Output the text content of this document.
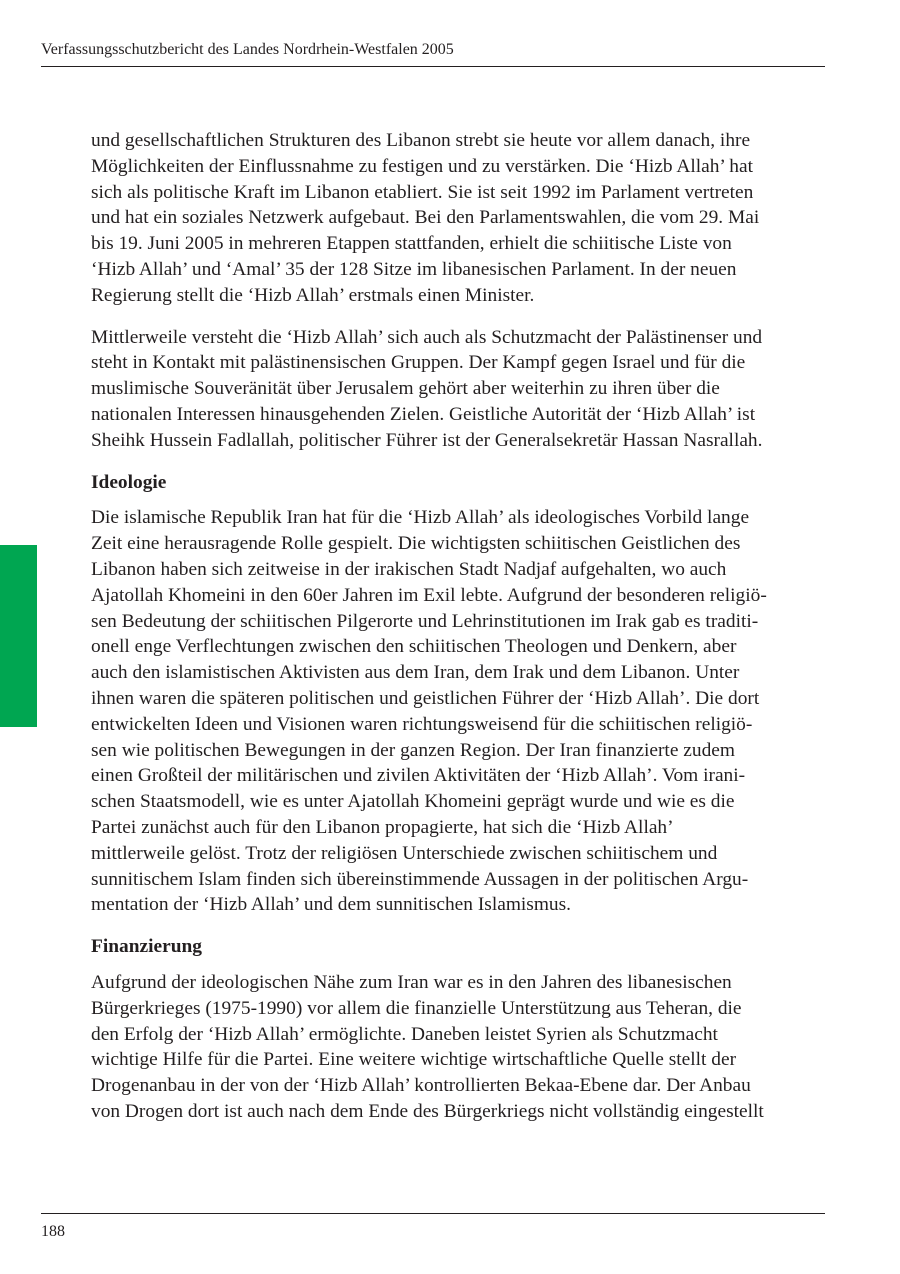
Verfassungsschutzbericht des Landes Nordrhein-Westfalen 2005

und gesellschaftlichen Strukturen des Libanon strebt sie heute vor allem danach, ihre
Möglichkeiten der Einflussnahme zu festigen und zu verstärken. Die ‘Hizb Allah’ hat
sich als politische Kraft im Libanon etabliert. Sie ist seit 1992 im Parlament vertreten
und hat ein soziales Netzwerk aufgebaut. Bei den Parlamentswahlen, die vom 29. Mai
bis 19. Juni 2005 in mehreren Etappen stattfanden, erhielt die schiitische Liste von
‘Hizb Allah’ und ‘Amal’ 35 der 128 Sitze im libanesischen Parlament. In der neuen
Regierung stellt die ‘Hizb Allah’ erstmals einen Minister.

Mittlerweile versteht die ‘Hizb Allah’ sich auch als Schutzmacht der Palästinenser und
steht in Kontakt mit palästinensischen Gruppen. Der Kampf gegen Israel und für die
muslimische Souveränität über Jerusalem gehört aber weiterhin zu ihren über die
nationalen Interessen hinausgehenden Zielen. Geistliche Autorität der ‘Hizb Allah’ ist
Sheihk Hussein Fadlallah, politischer Führer ist der Generalsekretär Hassan Nasrallah.

Ideologie

Die islamische Republik Iran hat für die ‘Hizb Allah’ als ideologisches Vorbild lange
Zeit eine herausragende Rolle gespielt. Die wichtigsten schiitischen Geistlichen des
Libanon haben sich zeitweise in der irakischen Stadt Nadjaf aufgehalten, wo auch
Ajatollah Khomeini in den 60er Jahren im Exil lebte. Aufgrund der besonderen religiö-
sen Bedeutung der schiitischen Pilgerorte und Lehrinstitutionen im Irak gab es traditi-
onell enge Verflechtungen zwischen den schiitischen Theologen und Denkern, aber
auch den islamistischen Aktivisten aus dem Iran, dem Irak und dem Libanon. Unter
ihnen waren die späteren politischen und geistlichen Führer der ‘Hizb Allah’. Die dort
entwickelten Ideen und Visionen waren richtungsweisend für die schiitischen religiö-
sen wie politischen Bewegungen in der ganzen Region. Der Iran finanzierte zudem
einen Großteil der militärischen und zivilen Aktivitäten der ‘Hizb Allah’. Vom irani-
schen Staatsmodell, wie es unter Ajatollah Khomeini geprägt wurde und wie es die
Partei zunächst auch für den Libanon propagierte, hat sich die ‘Hizb Allah’
mittlerweile gelöst. Trotz der religiösen Unterschiede zwischen schiitischem und
sunnitischem Islam finden sich übereinstimmende Aussagen in der politischen Argu-
mentation der ‘Hizb Allah’ und dem sunnitischen Islamismus.

Finanzierung

Aufgrund der ideologischen Nähe zum Iran war es in den Jahren des libanesischen
Bürgerkrieges (1975-1990) vor allem die finanzielle Unterstützung aus Teheran, die
den Erfolg der ‘Hizb Allah’ ermöglichte. Daneben leistet Syrien als Schutzmacht
wichtige Hilfe für die Partei. Eine weitere wichtige wirtschaftliche Quelle stellt der
Drogenanbau in der von der ‘Hizb Allah’ kontrollierten Bekaa-Ebene dar. Der Anbau
von Drogen dort ist auch nach dem Ende des Bürgerkriegs nicht vollständig eingestellt

188
